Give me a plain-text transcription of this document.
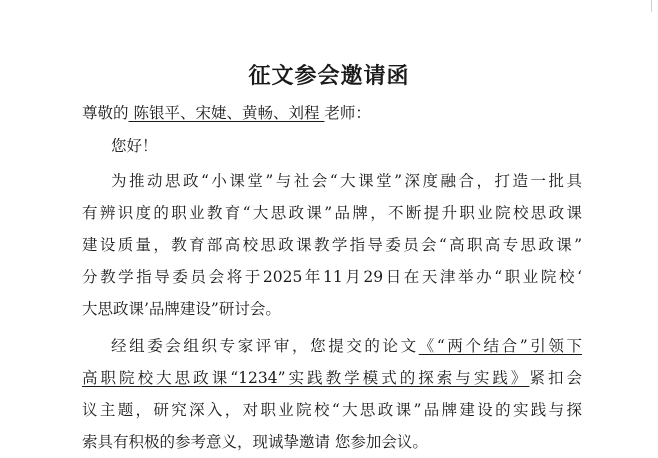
征文参会邀请函
尊敬的 陈银平、宋婕、黄畅、刘程 老师：
您好！
为推动思政“小课堂”与社会“大课堂”深度融合，打造一批具
有辨识度的职业教育“大思政课”品牌，不断提升职业院校思政课
建设质量，教育部高校思政课教学指导委员会“高职高专思政课”
分教学指导委员会将于2025年11月29日在天津举办“职业院校‘
大思政课’品牌建设”研讨会。
经组委会组织专家评审，您提交的论文《“两个结合”引领下
高职院校大思政课“1234”实践教学模式的探索与实践》紧扣会
议主题，研究深入，对职业院校“大思政课”品牌建设的实践与探
索具有积极的参考意义，现诚挚邀请 您参加会议。
